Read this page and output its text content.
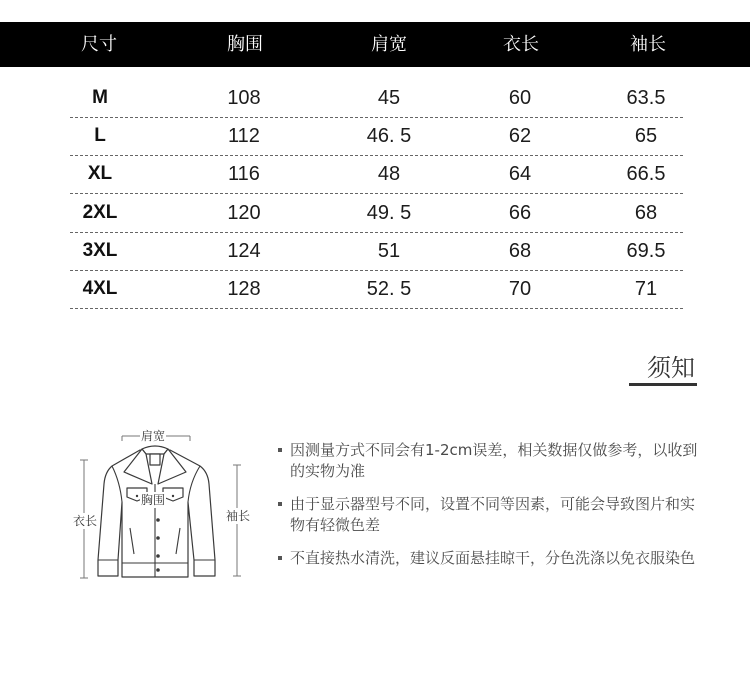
尺寸	胸围	肩宽	衣长	袖长
M	108	45	60	63.5
L	112	46. 5	62	65
XL	116	48	64	66.5
2XL	120	49. 5	66	68
3XL	124	51	68	69.5
4XL	128	52. 5	70	71
须知
肩宽
胸围
衣长	袖长
因测量方式不同会有1-2cm误差，相关数据仅做参考，以收到的实物为准
由于显示器型号不同，设置不同等因素，可能会导致图片和实物有轻微色差
不直接热水清洗，建议反面悬挂晾干，分色洗涤以免衣服染色
